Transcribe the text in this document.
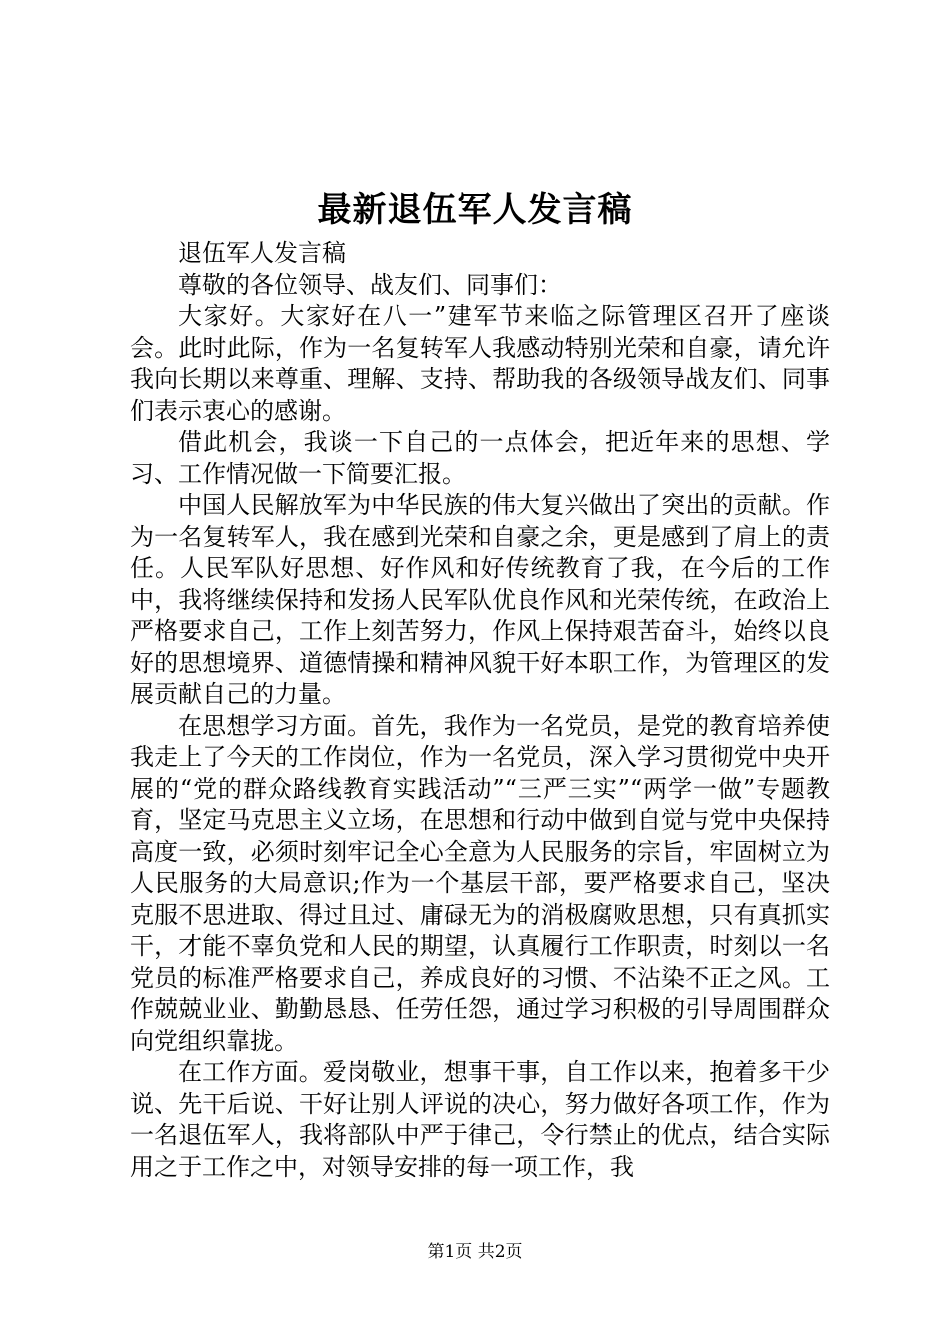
最新退伍军人发言稿

退伍军人发言稿

尊敬的各位领导、战友们、同事们：

大家好。大家好在八一”建军节来临之际管理区召开了座谈会。此时此际，作为一名复转军人我感动特别光荣和自豪，请允许我向长期以来尊重、理解、支持、帮助我的各级领导战友们、同事们表示衷心的感谢。

借此机会，我谈一下自己的一点体会，把近年来的思想、学习、工作情况做一下简要汇报。

中国人民解放军为中华民族的伟大复兴做出了突出的贡献。作为一名复转军人，我在感到光荣和自豪之余，更是感到了肩上的责任。人民军队好思想、好作风和好传统教育了我，在今后的工作中，我将继续保持和发扬人民军队优良作风和光荣传统，在政治上严格要求自己，工作上刻苦努力，作风上保持艰苦奋斗，始终以良好的思想境界、道德情操和精神风貌干好本职工作，为管理区的发展贡献自己的力量。

在思想学习方面。首先，我作为一名党员，是党的教育培养使我走上了今天的工作岗位，作为一名党员，深入学习贯彻党中央开展的“党的群众路线教育实践活动”“三严三实”“两学一做”专题教育，坚定马克思主义立场，在思想和行动中做到自觉与党中央保持高度一致，必须时刻牢记全心全意为人民服务的宗旨，牢固树立为人民服务的大局意识;作为一个基层干部，要严格要求自己，坚决克服不思进取、得过且过、庸碌无为的消极腐败思想，只有真抓实干，才能不辜负党和人民的期望，认真履行工作职责，时刻以一名党员的标准严格要求自己，养成良好的习惯、不沾染不正之风。工作兢兢业业、勤勤恳恳、任劳任怨，通过学习积极的引导周围群众向党组织靠拢。

在工作方面。爱岗敬业，想事干事，自工作以来，抱着多干少说、先干后说、干好让别人评说的决心，努力做好各项工作，作为一名退伍军人，我将部队中严于律己，令行禁止的优点，结合实际用之于工作之中，对领导安排的每一项工作，我

第1页 共2页
